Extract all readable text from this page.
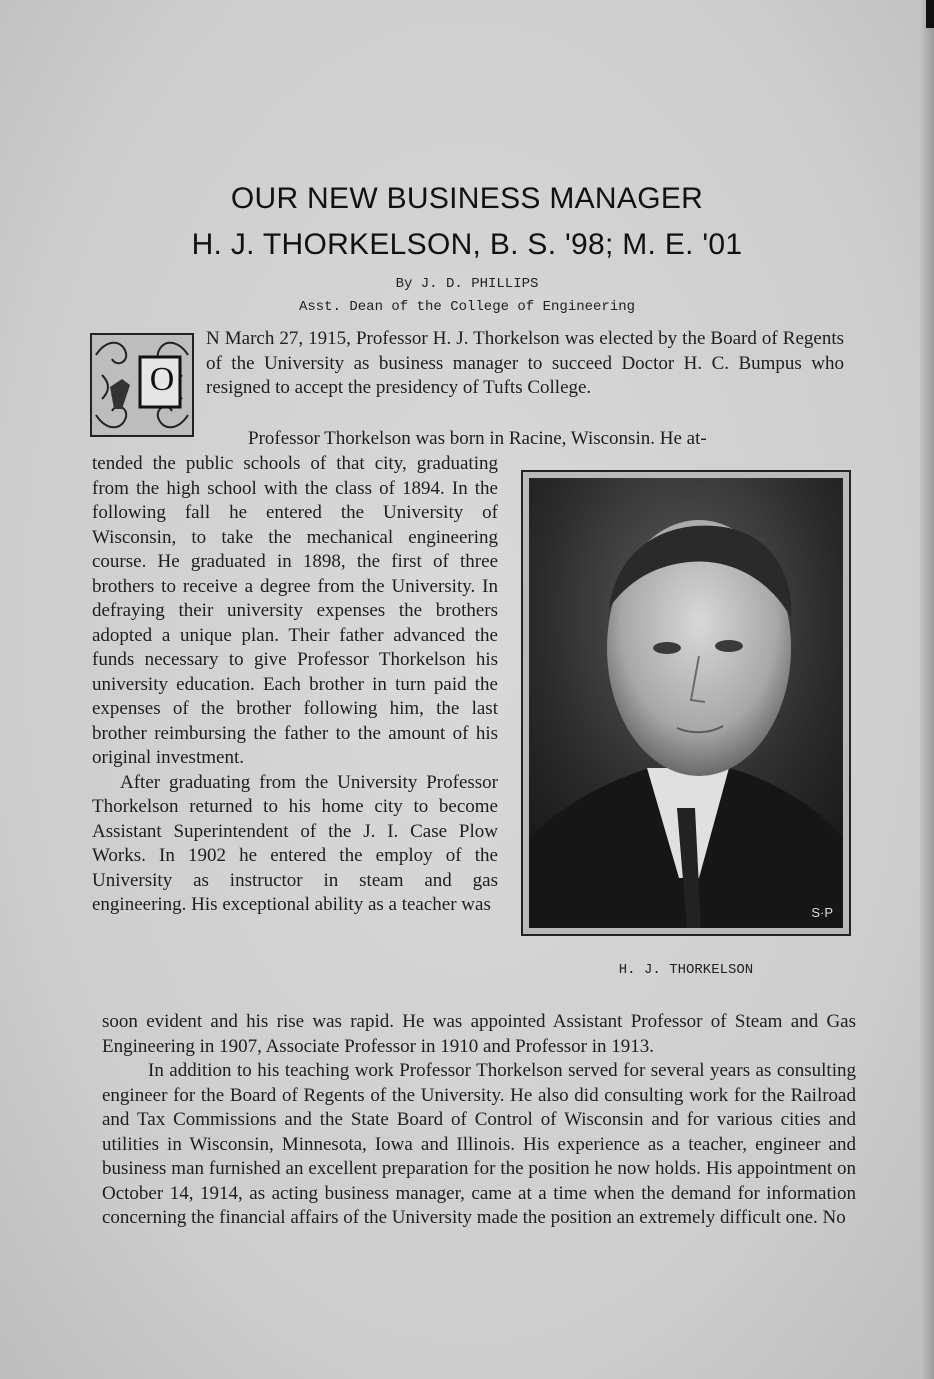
OUR NEW BUSINESS MANAGER
H. J. THORKELSON, B. S. '98; M. E. '01
By J. D. PHILLIPS
Asst. Dean of the College of Engineering
O

N March 27, 1915, Professor H. J. Thorkelson was elected by the Board of Regents of the University as business manager to succeed Doctor H. C. Bumpus who resigned to accept the presidency of Tufts College.

Professor Thorkelson was born in Racine, Wisconsin. He at-

tended the public schools of that city, graduating from the high school with the class of 1894. In the following fall he entered the University of Wisconsin, to take the mechanical engineering course. He graduated in 1898, the first of three brothers to receive a degree from the University. In defraying their university expenses the brothers adopted a unique plan. Their father advanced the funds necessary to give Professor Thorkelson his university education. Each brother in turn paid the expenses of the brother following him, the last brother reimbursing the father to the amount of his original investment.

After graduating from the University Professor Thorkelson returned to his home city to become Assistant Superintendent of the J. I. Case Plow Works. In 1902 he entered the employ of the University as instructor in steam and gas engineering. His exceptional ability as a teacher was	S·P
H. J. THORKELSON

soon evident and his rise was rapid. He was appointed Assistant Professor of Steam and Gas Engineering in 1907, Associate Professor in 1910 and Professor in 1913.

In addition to his teaching work Professor Thorkelson served for several years as consulting engineer for the Board of Regents of the University. He also did consulting work for the Railroad and Tax Commissions and the State Board of Control of Wisconsin and for various cities and utilities in Wisconsin, Minnesota, Iowa and Illinois. His experience as a teacher, engineer and business man furnished an excellent preparation for the position he now holds. His appointment on October 14, 1914, as acting business manager, came at a time when the demand for information concerning the financial affairs of the University made the position an extremely difficult one. No
